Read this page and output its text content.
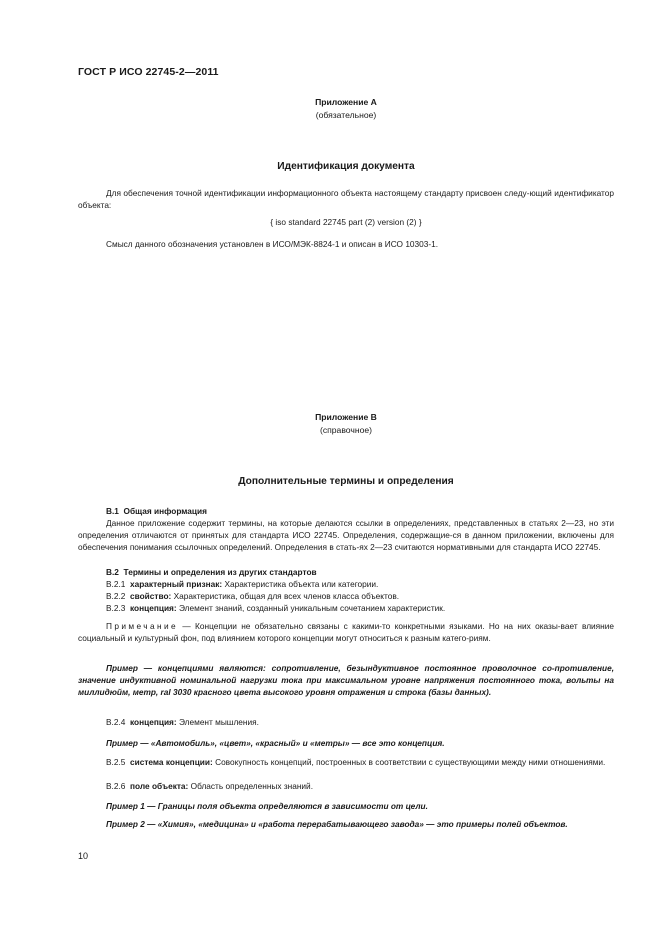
ГОСТ Р ИСО 22745-2—2011
Приложение А
(обязательное)
Идентификация документа
Для обеспечения точной идентификации информационного объекта настоящему стандарту присвоен следу-ющий идентификатор объекта:
{ iso standard 22745 part (2) version (2) }
Смысл данного обозначения установлен в ИСО/МЭК-8824-1 и описан в ИСО 10303-1.
Приложение В
(справочное)
Дополнительные термины и определения
В.1 Общая информация
Данное приложение содержит термины, на которые делаются ссылки в определениях, представленных в статьях 2—23, но эти определения отличаются от принятых для стандарта ИСО 22745. Определения, содержащие-ся в данном приложении, включены для обеспечения понимания ссылочных определений. Определения в стать-ях 2—23 считаются нормативными для стандарта ИСО 22745.
В.2 Термины и определения из других стандартов
В.2.1 характерный признак: Характеристика объекта или категории.
В.2.2 свойство: Характеристика, общая для всех членов класса объектов.
В.2.3 концепция: Элемент знаний, созданный уникальным сочетанием характеристик.
Примечание — Концепции не обязательно связаны с какими-то конкретными языками. Но на них оказы-вает влияние социальный и культурный фон, под влиянием которого концепции могут относиться к разным катего-риям.
Пример — концепциями являются: сопротивление, безындуктивное постоянное проволочное со-противление, значение индуктивной номинальной нагрузки тока при максимальном уровне напряжения постоянного тока, вольты на миллидюйм, метр, ral 3030 красного цвета высокого уровня отражения и строка (базы данных).
В.2.4 концепция: Элемент мышления.
Пример — «Автомобиль», «цвет», «красный» и «метры» — все это концепция.
В.2.5 система концепции: Совокупность концепций, построенных в соответствии с существующими между ними отношениями.
В.2.6 поле объекта: Область определенных знаний.
Пример 1 — Границы поля объекта определяются в зависимости от цели.
Пример 2 — «Химия», «медицина» и «работа перерабатывающего завода» — это примеры полей объектов.
10
